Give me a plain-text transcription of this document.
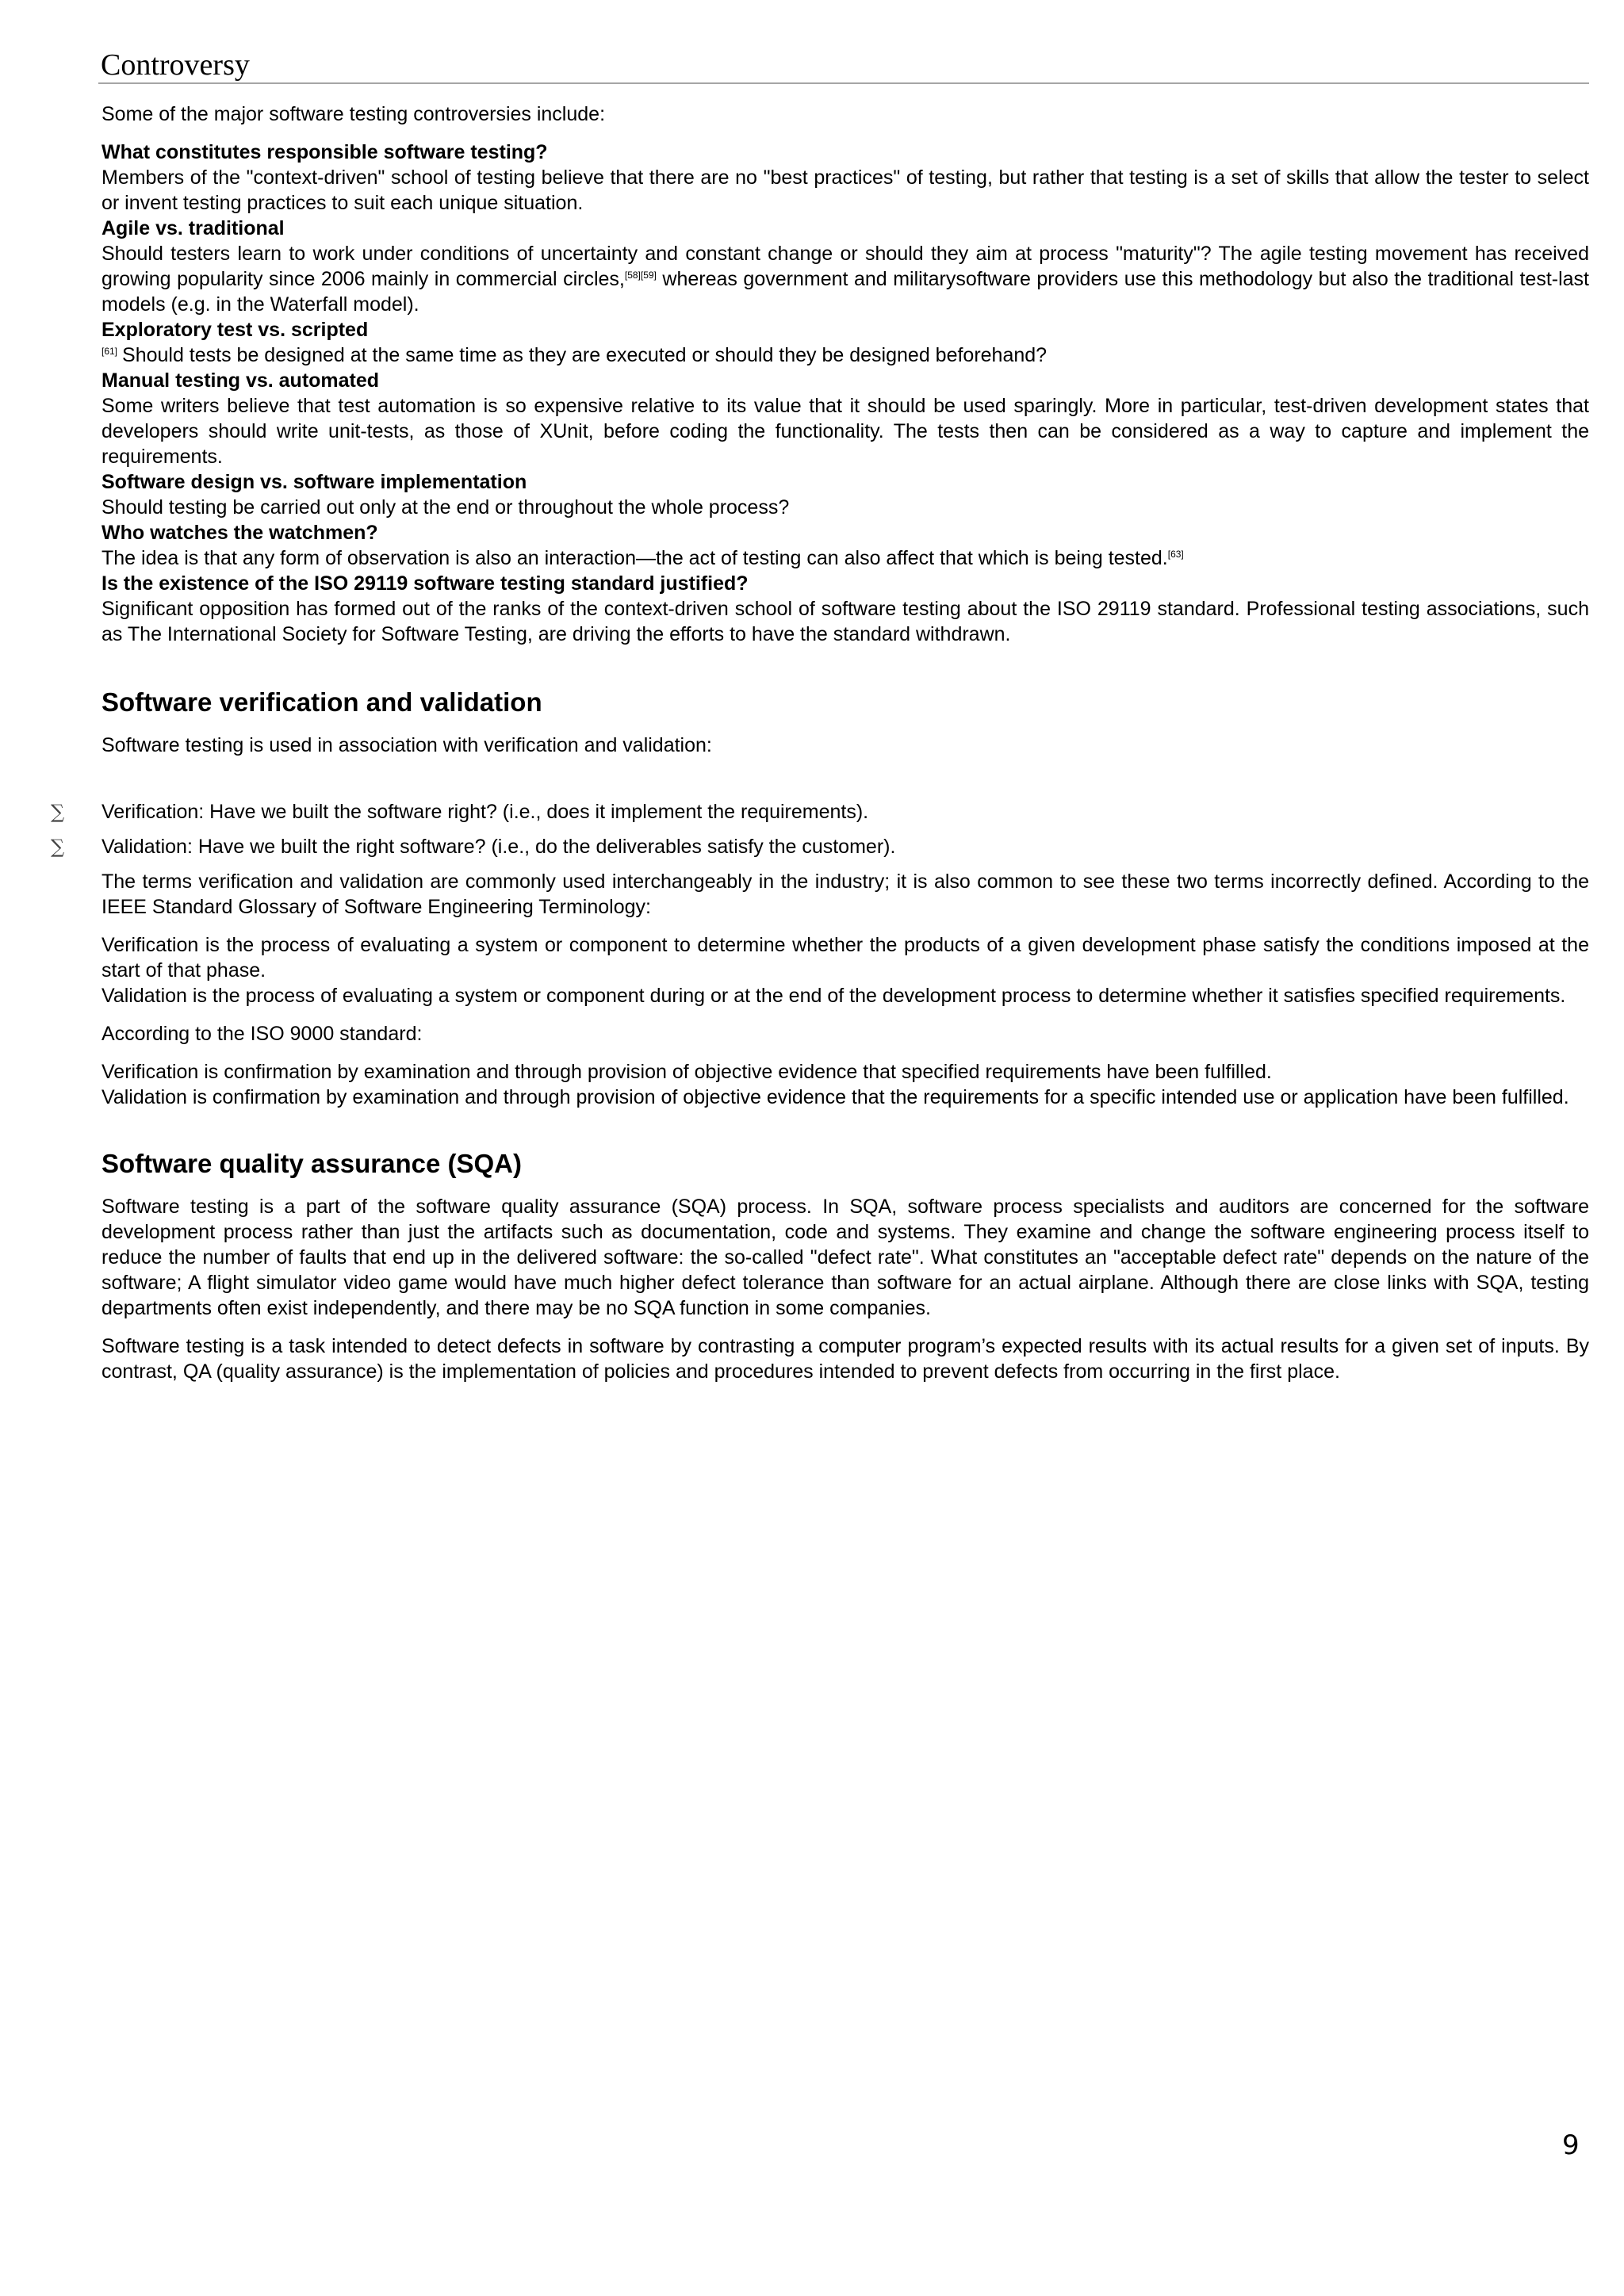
Controversy

Some of the major software testing controversies include:

What constitutes responsible software testing?

Members of the "context-driven" school of testing believe that there are no "best practices" of testing, but rather that testing is a set of skills that allow the tester to select or invent testing practices to suit each unique situation.

Agile vs. traditional

Should testers learn to work under conditions of uncertainty and constant change or should they aim at process "maturity"? The agile testing movement has received growing popularity since 2006 mainly in commercial circles,[58][59] whereas government and militarysoftware providers use this methodology but also the traditional test-last models (e.g. in the Waterfall model).

Exploratory test vs. scripted

[61] Should tests be designed at the same time as they are executed or should they be designed beforehand?

Manual testing vs. automated

Some writers believe that test automation is so expensive relative to its value that it should be used sparingly. More in particular, test-driven development states that developers should write unit-tests, as those of XUnit, before coding the functionality. The tests then can be considered as a way to capture and implement the requirements.

Software design vs. software implementation

Should testing be carried out only at the end or throughout the whole process?

Who watches the watchmen?

The idea is that any form of observation is also an interaction—the act of testing can also affect that which is being tested.[63]

Is the existence of the ISO 29119 software testing standard justified?

Significant opposition has formed out of the ranks of the context-driven school of software testing about the ISO 29119 standard. Professional testing associations, such as The International Society for Software Testing, are driving the efforts to have the standard withdrawn.

Software verification and validation

Software testing is used in association with verification and validation:

∑ Verification: Have we built the software right? (i.e., does it implement the requirements).
∑ Validation: Have we built the right software? (i.e., do the deliverables satisfy the customer).

The terms verification and validation are commonly used interchangeably in the industry; it is also common to see these two terms incorrectly defined. According to the IEEE Standard Glossary of Software Engineering Terminology:

Verification is the process of evaluating a system or component to determine whether the products of a given development phase satisfy the conditions imposed at the start of that phase.

Validation is the process of evaluating a system or component during or at the end of the development process to determine whether it satisfies specified requirements.

According to the ISO 9000 standard:

Verification is confirmation by examination and through provision of objective evidence that specified requirements have been fulfilled.

Validation is confirmation by examination and through provision of objective evidence that the requirements for a specific intended use or application have been fulfilled.

Software quality assurance (SQA)

Software testing is a part of the software quality assurance (SQA) process. In SQA, software process specialists and auditors are concerned for the software development process rather than just the artifacts such as documentation, code and systems. They examine and change the software engineering process itself to reduce the number of faults that end up in the delivered software: the so-called "defect rate". What constitutes an "acceptable defect rate" depends on the nature of the software; A flight simulator video game would have much higher defect tolerance than software for an actual airplane. Although there are close links with SQA, testing departments often exist independently, and there may be no SQA function in some companies.

Software testing is a task intended to detect defects in software by contrasting a computer program’s expected results with its actual results for a given set of inputs. By contrast, QA (quality assurance) is the implementation of policies and procedures intended to prevent defects from occurring in the first place.

9
